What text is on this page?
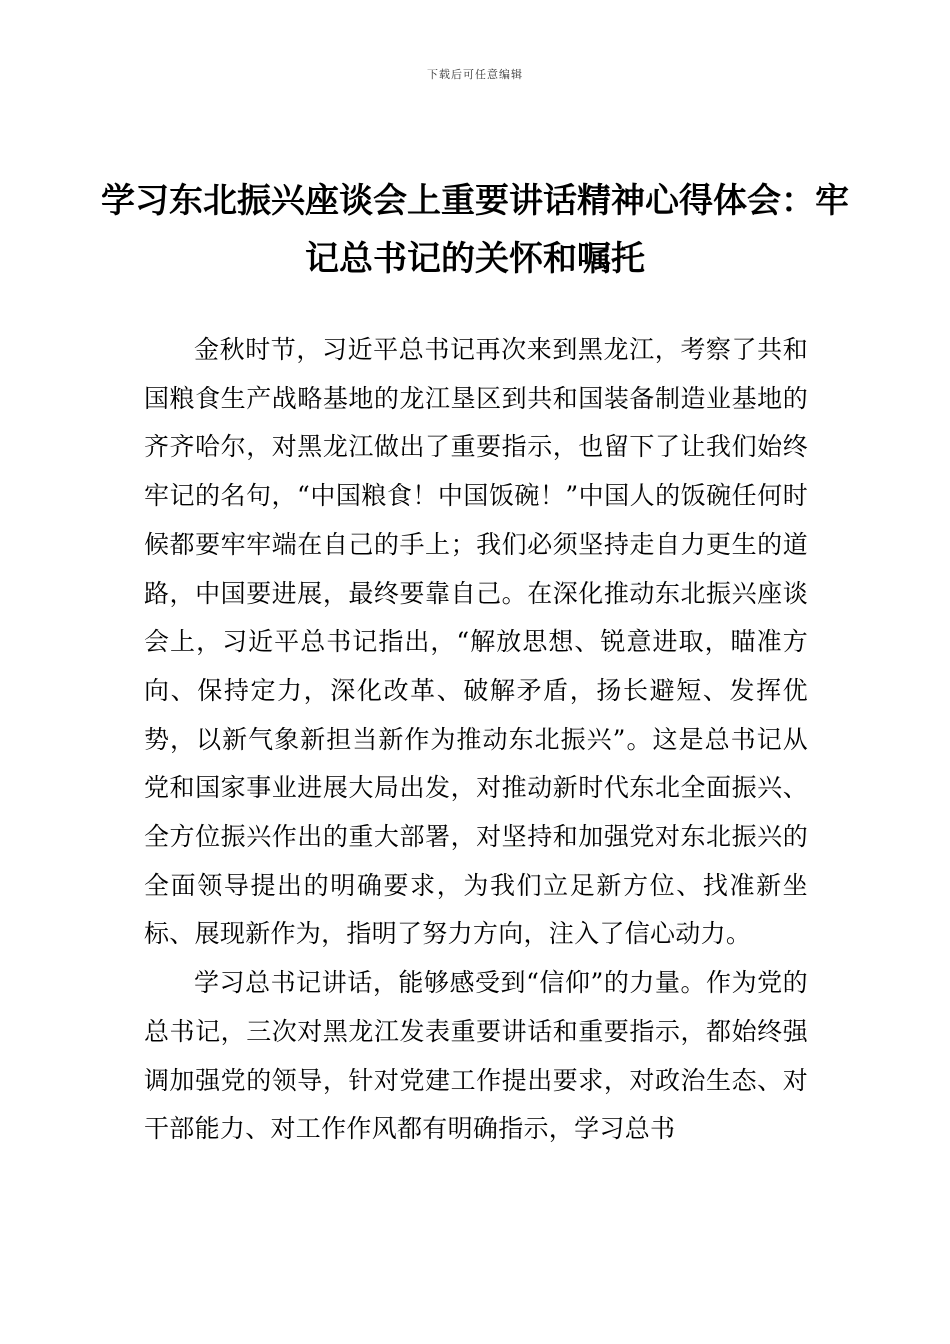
下载后可任意编辑
学习东北振兴座谈会上重要讲话精神心得体会：牢记总书记的关怀和嘱托

金秋时节，习近平总书记再次来到黑龙江，考察了共和国粮食生产战略基地的龙江垦区到共和国装备制造业基地的齐齐哈尔，对黑龙江做出了重要指示，也留下了让我们始终牢记的名句，“中国粮食！中国饭碗！”中国人的饭碗任何时候都要牢牢端在自己的手上；我们必须坚持走自力更生的道路，中国要进展，最终要靠自己。在深化推动东北振兴座谈会上，习近平总书记指出，“解放思想、锐意进取，瞄准方向、保持定力，深化改革、破解矛盾，扬长避短、发挥优势，以新气象新担当新作为推动东北振兴”。这是总书记从党和国家事业进展大局出发，对推动新时代东北全面振兴、全方位振兴作出的重大部署，对坚持和加强党对东北振兴的全面领导提出的明确要求，为我们立足新方位、找准新坐标、展现新作为，指明了努力方向，注入了信心动力。

学习总书记讲话，能够感受到“信仰”的力量。作为党的总书记，三次对黑龙江发表重要讲话和重要指示，都始终强调加强党的领导，针对党建工作提出要求，对政治生态、对干部能力、对工作作风都有明确指示，学习总书
